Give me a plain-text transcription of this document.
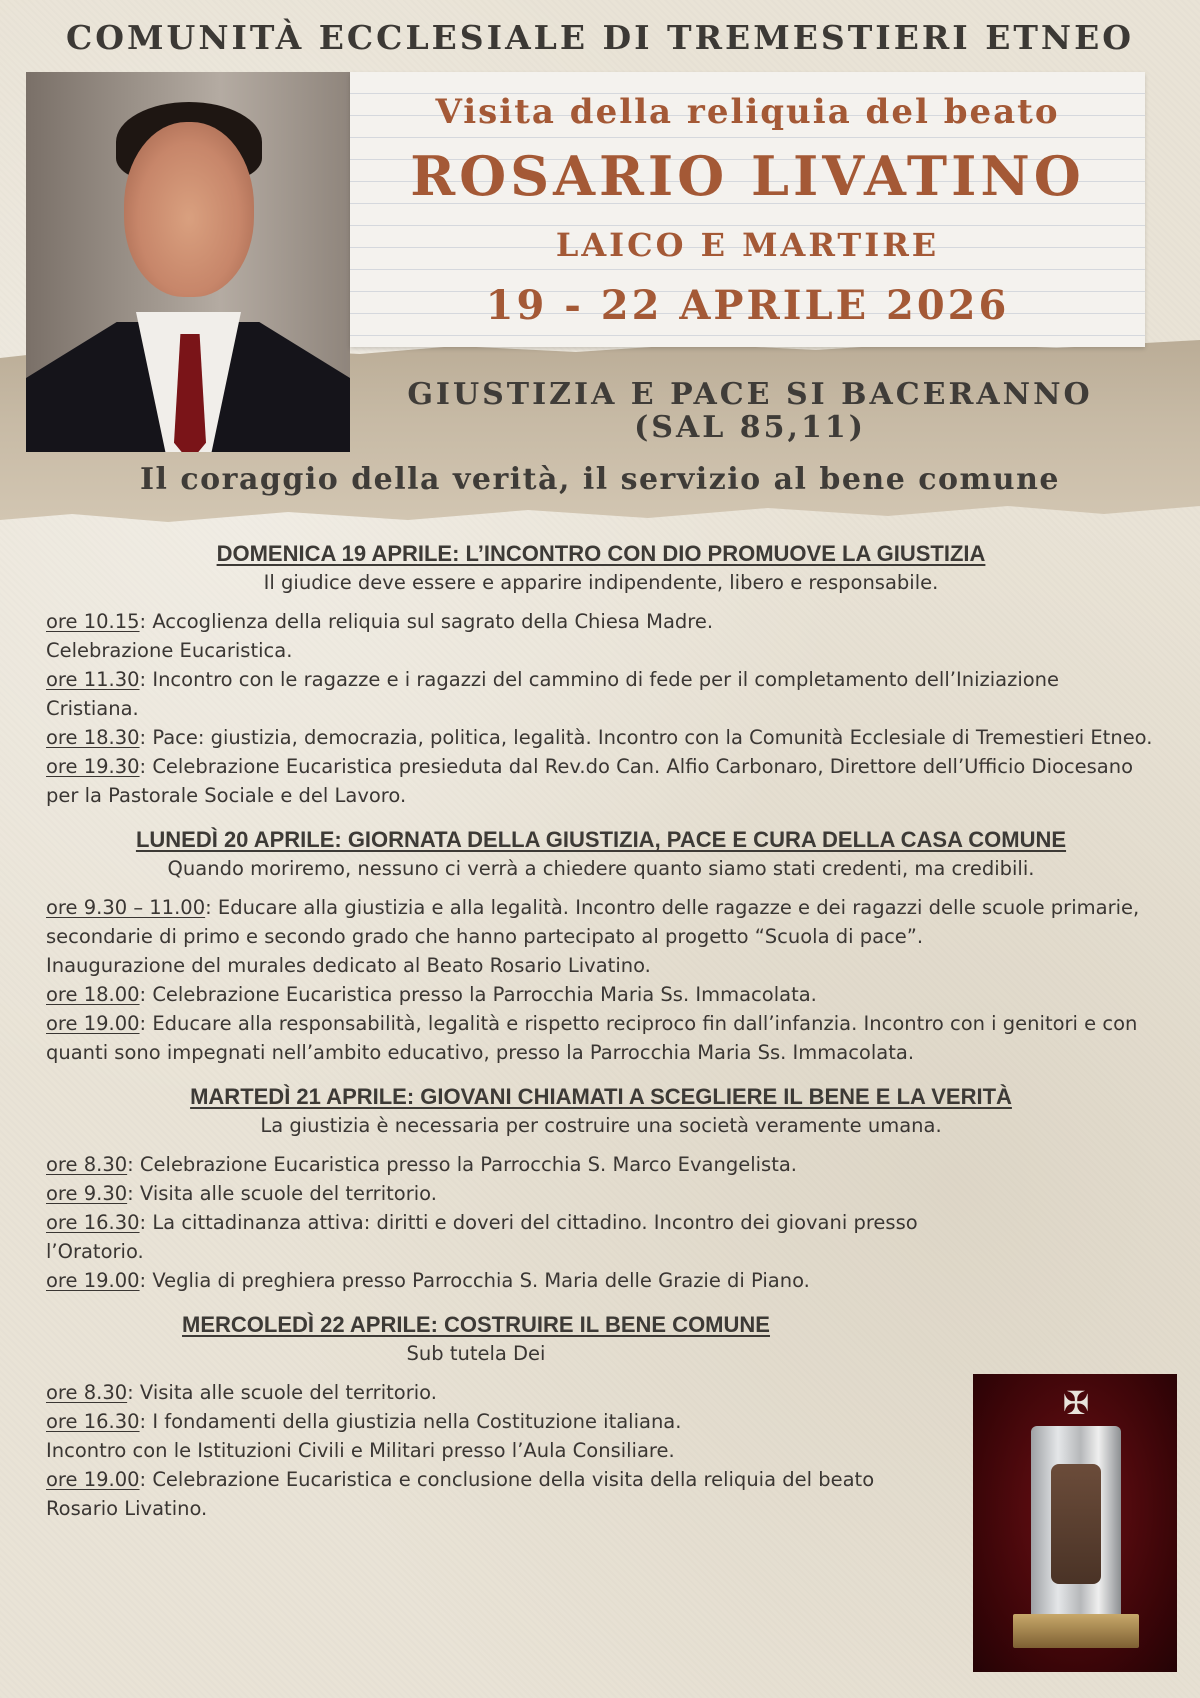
COMUNITÀ ECCLESIALE DI TREMESTIERI ETNEO
Visita della reliquia del beato
ROSARIO LIVATINO
LAICO E MARTIRE
19 - 22 APRILE 2026
GIUSTIZIA E PACE SI BACERANNO
(SAL 85,11)
Il coraggio della verità, il servizio al bene comune
DOMENICA 19 APRILE: L’INCONTRO CON DIO PROMUOVE LA GIUSTIZIA
Il giudice deve essere e apparire indipendente, libero e responsabile.

ore 10.15: Accoglienza della reliquia sul sagrato della Chiesa Madre.

Celebrazione Eucaristica.

ore 11.30: Incontro con le ragazze e i ragazzi del cammino di fede per il completamento dell’Iniziazione Cristiana.

ore 18.30: Pace: giustizia, democrazia, politica, legalità. Incontro con la Comunità Ecclesiale di Tremestieri Etneo.

ore 19.30: Celebrazione Eucaristica presieduta dal Rev.do Can. Alfio Carbonaro, Direttore dell’Ufficio Diocesano per la Pastorale Sociale e del Lavoro.

LUNEDÌ 20 APRILE: GIORNATA DELLA GIUSTIZIA, PACE E CURA DELLA CASA COMUNE
Quando moriremo, nessuno ci verrà a chiedere quanto siamo stati credenti, ma credibili.

ore 9.30 – 11.00: Educare alla giustizia e alla legalità. Incontro delle ragazze e dei ragazzi delle scuole primarie, secondarie di primo e secondo grado che hanno partecipato al progetto “Scuola di pace”.

Inaugurazione del murales dedicato al Beato Rosario Livatino.

ore 18.00: Celebrazione Eucaristica presso la Parrocchia Maria Ss. Immacolata.

ore 19.00: Educare alla responsabilità, legalità e rispetto reciproco fin dall’infanzia. Incontro con i genitori e con quanti sono impegnati nell’ambito educativo, presso la Parrocchia Maria Ss. Immacolata.

MARTEDÌ 21 APRILE: GIOVANI CHIAMATI A SCEGLIERE IL BENE E LA VERITÀ
La giustizia è necessaria per costruire una società veramente umana.

ore 8.30: Celebrazione Eucaristica presso la Parrocchia S. Marco Evangelista.

ore 9.30: Visita alle scuole del territorio.

ore 16.30: La cittadinanza attiva: diritti e doveri del cittadino. Incontro dei giovani presso l’Oratorio.

ore 19.00: Veglia di preghiera presso Parrocchia S. Maria delle Grazie di Piano.

MERCOLEDÌ 22 APRILE: COSTRUIRE IL BENE COMUNE
Sub tutela Dei

ore 8.30: Visita alle scuole del territorio.

ore 16.30: I fondamenti della giustizia nella Costituzione italiana.

Incontro con le Istituzioni Civili e Militari presso l’Aula Consiliare.

ore 19.00: Celebrazione Eucaristica e conclusione della visita della reliquia del beato Rosario Livatino.

✠
